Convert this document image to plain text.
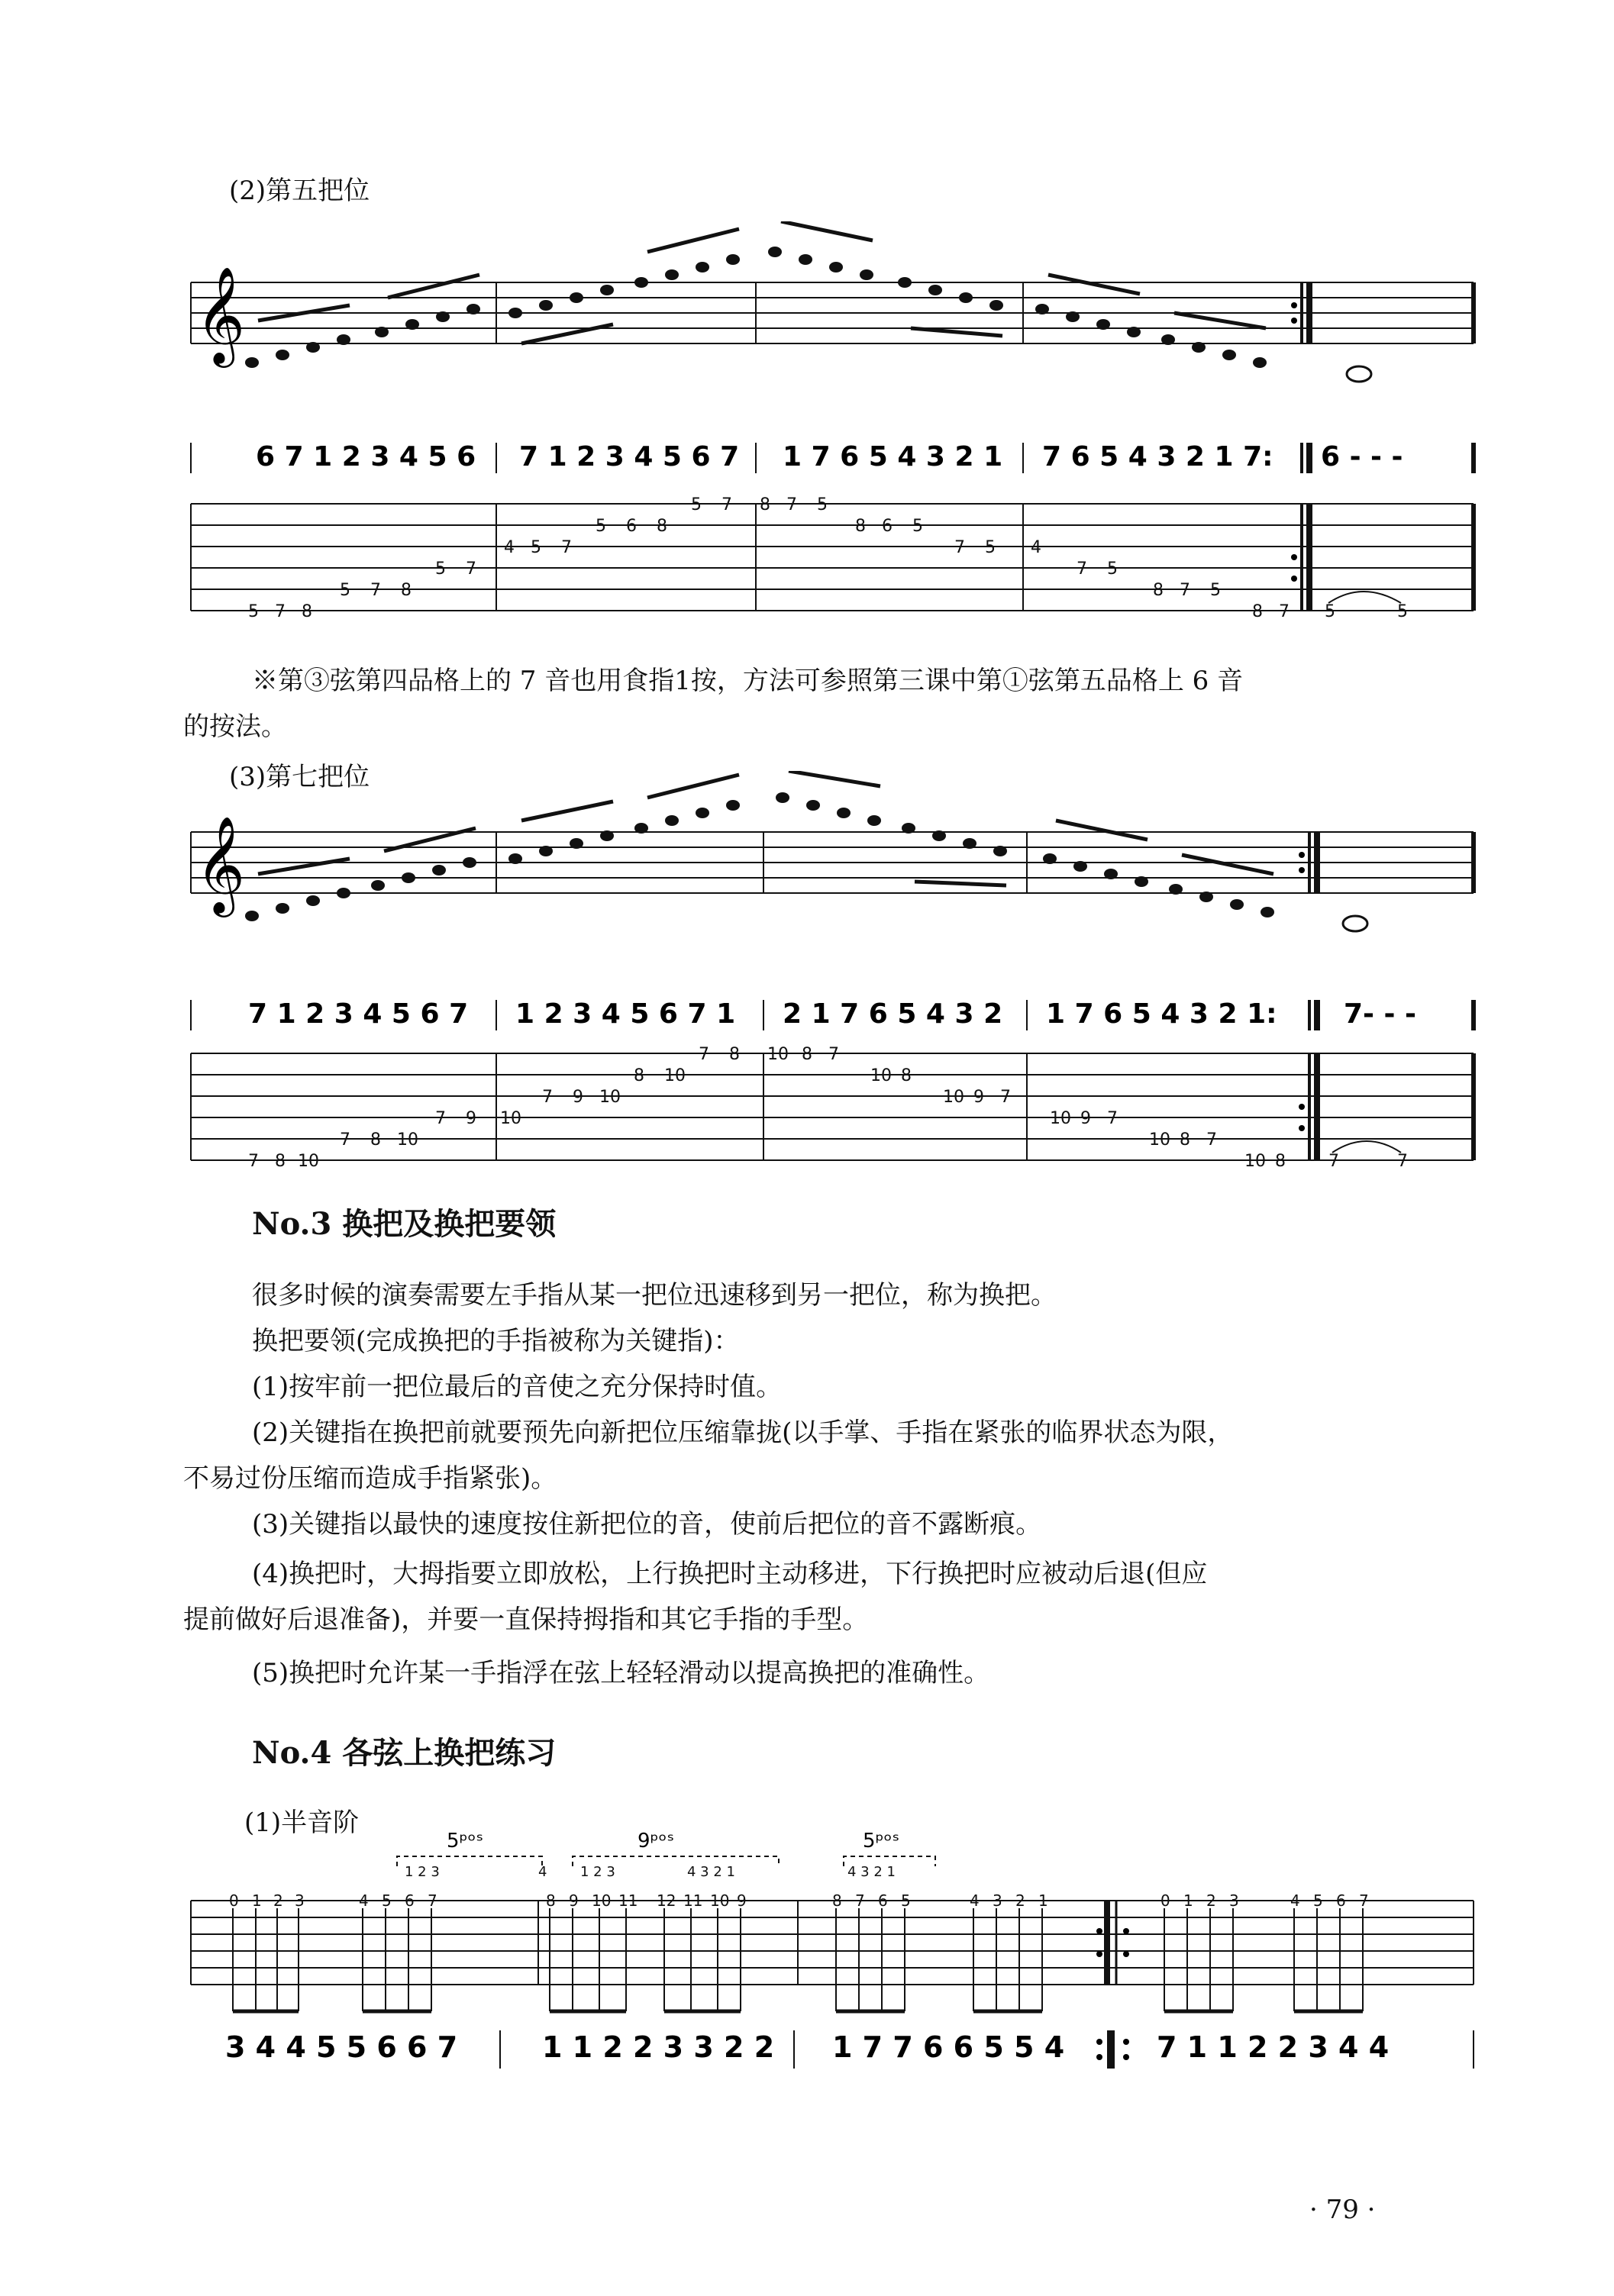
(2)第五把位
𝄞
6 7 1 2 3 4 5 6 7 1 2 3 4 5 6 7 1 7 6 5 4 3 2 1 7 6 5 4 3 2 1 7: 6 - - -
5 7 8
5 7 8
5 7
4 5 7
5 6 8
5 7 8 7 5
8 6 5
7 5 4
7 5
8 7 5
8 7 5	5
※第③弦第四品格上的 7 音也用食指1按，方法可参照第三课中第①弦第五品格上 6 音
的按法。
(3)第七把位
𝄞
7 1 2 3 4 5 6 7 1 2 3 4 5 6 7 1 2 1 7 6 5 4 3 2 1 7 6 5 4 3 2 1: 7- - -
7 8 10
7 8 10
7 9 10
7 9 10
8 10
7 8 10 8 7
10 8
10 9 7
10 9 7
10 8 7
10 8	7	7
No.3 换把及换把要领
很多时候的演奏需要左手指从某一把位迅速移到另一把位，称为换把。
换把要领(完成换把的手指被称为关键指)：
(1)按牢前一把位最后的音使之充分保持时值。
(2)关键指在换把前就要预先向新把位压缩靠拢(以手掌、手指在紧张的临界状态为限，
不易过份压缩而造成手指紧张)。
(3)关键指以最快的速度按住新把位的音，使前后把位的音不露断痕。
(4)换把时，大拇指要立即放松，上行换把时主动移进，下行换把时应被动后退(但应
提前做好后退准备)，并要一直保持拇指和其它手指的手型。
(5)换把时允许某一手指浮在弦上轻轻滑动以提高换把的准确性。
No.4 各弦上换把练习
(1)半音阶
5ᵖᵒˢ	9ᵖᵒˢ	5ᵖᵒˢ
1 2 3	4 1 2 3	4 3 2 1	4 3 2 1
0 1 2 3	4 5 6 7	8 9 10 11 12 11 10 9	8 7 6 5	4 3 2 1	0 1 2 3	4 5 6 7
3 4 4 5 5 6 6 7	1 1 2 2 3 3 2 2 1 7 7 6 6 5 5 4	7 1 1 2 2 3 4 4
· 79 ·
